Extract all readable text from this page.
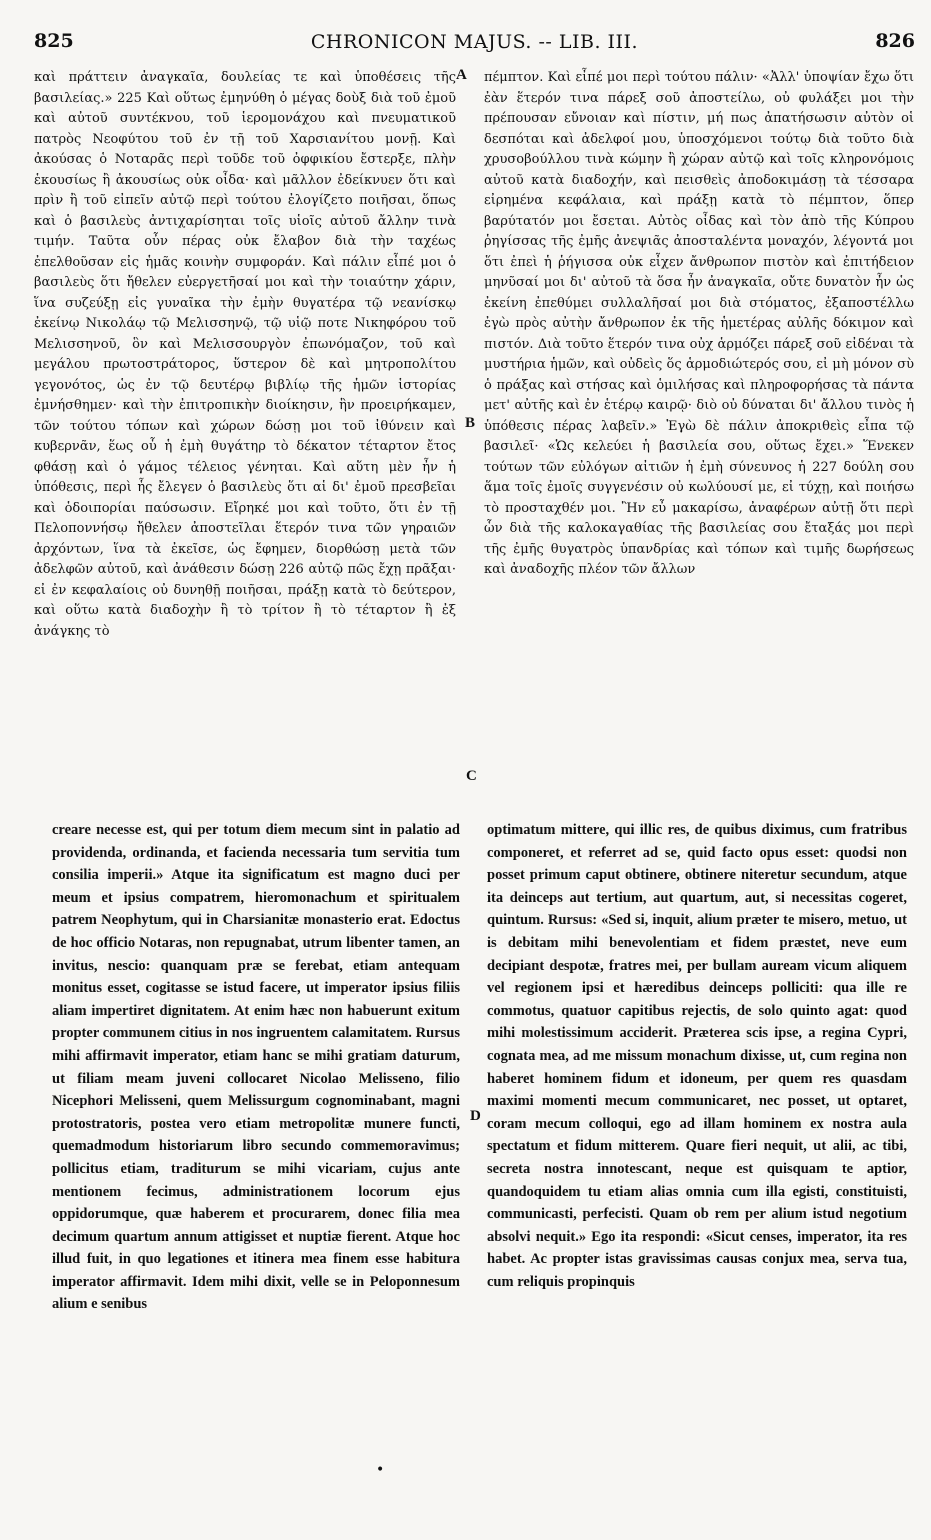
825	CHRONICON MAJUS. -- LIB. III.	826

καὶ πράττειν ἀναγκαῖα, δουλείας τε καὶ ὑποθέσεις τῆς βασιλείας.» 225 Καὶ οὕτως ἐμηνύθη ὁ μέγας δοὺξ διὰ τοῦ ἐμοῦ καὶ αὐτοῦ συντέκνου, τοῦ ἱερομονάχου καὶ πνευματικοῦ πατρὸς Νεοφύτου τοῦ ἐν τῇ τοῦ Χαρσιανίτου μονῇ. Καὶ ἀκούσας ὁ Νοταρᾶς περὶ τοῦδε τοῦ ὀφφικίου ἔστερξε, πλὴν ἑκουσίως ἢ ἀκουσίως οὐκ οἶδα· καὶ μᾶλλον ἐδείκνυεν ὅτι καὶ πρὶν ἢ τοῦ εἰπεῖν αὐτῷ περὶ τούτου ἐλογίζετο ποιῆσαι, ὅπως καὶ ὁ βασιλεὺς ἀντιχαρίσηται τοῖς υἱοῖς αὐτοῦ ἄλλην τινὰ τιμήν. Ταῦτα οὖν πέρας οὐκ ἔλαβον διὰ τὴν ταχέως ἐπελθοῦσαν εἰς ἡμᾶς κοινὴν συμφοράν. Καὶ πάλιν εἶπέ μοι ὁ βασιλεὺς ὅτι ἤθελεν εὐεργετῆσαί μοι καὶ τὴν τοιαύτην χάριν, ἵνα συζεύξῃ εἰς γυναῖκα τὴν ἐμὴν θυγατέρα τῷ νεανίσκῳ ἐκείνῳ Νικολάῳ τῷ Μελισσηνῷ, τῷ υἱῷ ποτε Νικηφόρου τοῦ Μελισσηνοῦ, ὃν καὶ Μελισσουργὸν ἐπωνόμαζον, τοῦ καὶ μεγάλου πρωτοστράτορος, ὕστερον δὲ καὶ μητροπολίτου γεγονότος, ὡς ἐν τῷ δευτέρῳ βιβλίῳ τῆς ἡμῶν ἱστορίας ἐμνήσθημεν· καὶ τὴν ἐπιτροπικὴν διοίκησιν, ἣν προειρήκαμεν, τῶν τούτου τόπων καὶ χώρων δώσῃ μοι τοῦ ἰθύνειν καὶ κυβερνᾶν, ἕως οὗ ἡ ἐμὴ θυγάτηρ τὸ δέκατον τέταρτον ἔτος φθάσῃ καὶ ὁ γάμος τέλειος γένηται. Καὶ αὕτη μὲν ἦν ἡ ὑπόθεσις, περὶ ἧς ἔλεγεν ὁ βασιλεὺς ὅτι αἱ δι' ἐμοῦ πρεσβεῖαι καὶ ὁδοιπορίαι παύσωσιν. Εἴρηκέ μοι καὶ τοῦτο, ὅτι ἐν τῇ Πελοποννήσῳ ἤθελεν ἀποστεῖλαι ἕτερόν τινα τῶν γηραιῶν ἀρχόντων, ἵνα τὰ ἐκεῖσε, ὡς ἔφημεν, διορθώσῃ μετὰ τῶν ἀδελφῶν αὐτοῦ, καὶ ἀνάθεσιν δώσῃ 226 αὐτῷ πῶς ἔχῃ πρᾶξαι· εἰ ἐν κεφαλαίοις οὐ δυνηθῇ ποιῆσαι, πράξῃ κατὰ τὸ δεύτερον, καὶ οὕτω κατὰ διαδοχὴν ἢ τὸ τρίτον ἢ τὸ τέταρτον ἢ ἐξ ἀνάγκης τὸ

πέμπτον. Καὶ εἶπέ μοι περὶ τούτου πάλιν· «Ἀλλ' ὑποψίαν ἔχω ὅτι ἐὰν ἕτερόν τινα πάρεξ σοῦ ἀποστείλω, οὐ φυλάξει μοι τὴν πρέπουσαν εὔνοιαν καὶ πίστιν, μή πως ἀπατήσωσιν αὐτὸν οἱ δεσπόται καὶ ἀδελφοί μου, ὑποσχόμενοι τούτῳ διὰ τοῦτο διὰ χρυσοβούλλου τινὰ κώμην ἢ χώραν αὐτῷ καὶ τοῖς κληρονόμοις αὐτοῦ κατὰ διαδοχήν, καὶ πεισθεὶς ἀποδοκιμάσῃ τὰ τέσσαρα εἰρημένα κεφάλαια, καὶ πράξῃ κατὰ τὸ πέμπτον, ὅπερ βαρύτατόν μοι ἔσεται. Αὐτὸς οἶδας καὶ τὸν ἀπὸ τῆς Κύπρου ῥηγίσσας τῆς ἐμῆς ἀνεψιᾶς ἀποσταλέντα μοναχόν, λέγοντά μοι ὅτι ἐπεὶ ἡ ῥήγισσα οὐκ εἶχεν ἄνθρωπον πιστὸν καὶ ἐπιτήδειον μηνῦσαί μοι δι' αὐτοῦ τὰ ὅσα ἦν ἀναγκαῖα, οὔτε δυνατὸν ἦν ὡς ἐκείνη ἐπεθύμει συλλαλῆσαί μοι διὰ στόματος, ἐξαποστέλλω ἐγὼ πρὸς αὐτὴν ἄνθρωπον ἐκ τῆς ἡμετέρας αὐλῆς δόκιμον καὶ πιστόν. Διὰ τοῦτο ἕτερόν τινα οὐχ ἁρμόζει πάρεξ σοῦ εἰδέναι τὰ μυστήρια ἡμῶν, καὶ οὐδεὶς ὅς ἁρμοδιώτερός σου, εἰ μὴ μόνον σὺ ὁ πράξας καὶ στήσας καὶ ὁμιλήσας καὶ πληροφορήσας τὰ πάντα μετ' αὐτῆς καὶ ἐν ἑτέρῳ καιρῷ· διὸ οὐ δύναται δι' ἄλλου τινὸς ἡ ὑπόθεσις πέρας λαβεῖν.» Ἐγὼ δὲ πάλιν ἀποκριθεὶς εἶπα τῷ βασιλεῖ· «Ὡς κελεύει ἡ βασιλεία σου, οὕτως ἔχει.» Ἕνεκεν τούτων τῶν εὐλόγων αἰτιῶν ἡ ἐμὴ σύνευνος ἡ 227 δούλη σου ἅμα τοῖς ἐμοῖς συγγενέσιν οὐ κωλύουσί με, εἰ τύχῃ, καὶ ποιήσω τὸ προσταχθέν μοι. Ἣν εὖ μακαρίσω, ἀναφέρων αὐτῇ ὅτι περὶ ὧν διὰ τῆς καλοκαγαθίας τῆς βασιλείας σου ἔταξάς μοι περὶ τῆς ἐμῆς θυγατρὸς ὑπανδρίας καὶ τόπων καὶ τιμῆς δωρήσεως καὶ ἀναδοχῆς πλέον τῶν ἄλλων

creare necesse est, qui per totum diem mecum sint in palatio ad providenda, ordinanda, et facienda necessaria tum servitia tum consilia imperii.» Atque ita significatum est magno duci per meum et ipsius compatrem, hieromonachum et spiritualem patrem Neophytum, qui in Charsianitæ monasterio erat. Edoctus de hoc officio Notaras, non repugnabat, utrum libenter tamen, an invitus, nescio: quanquam præ se ferebat, etiam antequam monitus esset, cogitasse se istud facere, ut imperator ipsius filiis aliam impertiret dignitatem. At enim hæc non habuerunt exitum propter communem citius in nos ingruentem calamitatem. Rursus mihi affirmavit imperator, etiam hanc se mihi gratiam daturum, ut filiam meam juveni collocaret Nicolao Melisseno, filio Nicephori Melisseni, quem Melissurgum cognominabant, magni protostratoris, postea vero etiam metropolitæ munere functi, quemadmodum historiarum libro secundo commemoravimus; pollicitus etiam, traditurum se mihi vicariam, cujus ante mentionem fecimus, administrationem locorum ejus oppidorumque, quæ haberem et procurarem, donec filia mea decimum quartum annum attigisset et nuptiæ fierent. Atque hoc illud fuit, in quo legationes et itinera mea finem esse habitura imperator affirmavit. Idem mihi dixit, velle se in Peloponnesum alium e senibus

optimatum mittere, qui illic res, de quibus diximus, cum fratribus componeret, et referret ad se, quid facto opus esset: quodsi non posset primum caput obtinere, obtinere niteretur secundum, atque ita deinceps aut tertium, aut quartum, aut, si necessitas cogeret, quintum. Rursus: «Sed si, inquit, alium præter te misero, metuo, ut is debitam mihi benevolentiam et fidem præstet, neve eum decipiant despotæ, fratres mei, per bullam auream vicum aliquem vel regionem ipsi et hæredibus deinceps polliciti: qua ille re commotus, quatuor capitibus rejectis, de solo quinto agat: quod mihi molestissimum acciderit. Præterea scis ipse, a regina Cypri, cognata mea, ad me missum monachum dixisse, ut, cum regina non haberet hominem fidum et idoneum, per quem res quasdam maximi momenti mecum communicaret, nec posset, ut optaret, coram mecum colloqui, ego ad illam hominem ex nostra aula spectatum et fidum mitterem. Quare fieri nequit, ut alii, ac tibi, secreta nostra innotescant, neque est quisquam te aptior, quandoquidem tu etiam alias omnia cum illa egisti, constituisti, communicasti, perfecisti. Quam ob rem per alium istud negotium absolvi nequit.» Ego ita respondi: «Sicut censes, imperator, ita res habet. Ac propter istas gravissimas causas conjux mea, serva tua, cum reliquis propinquis

A
B
C
D
•
